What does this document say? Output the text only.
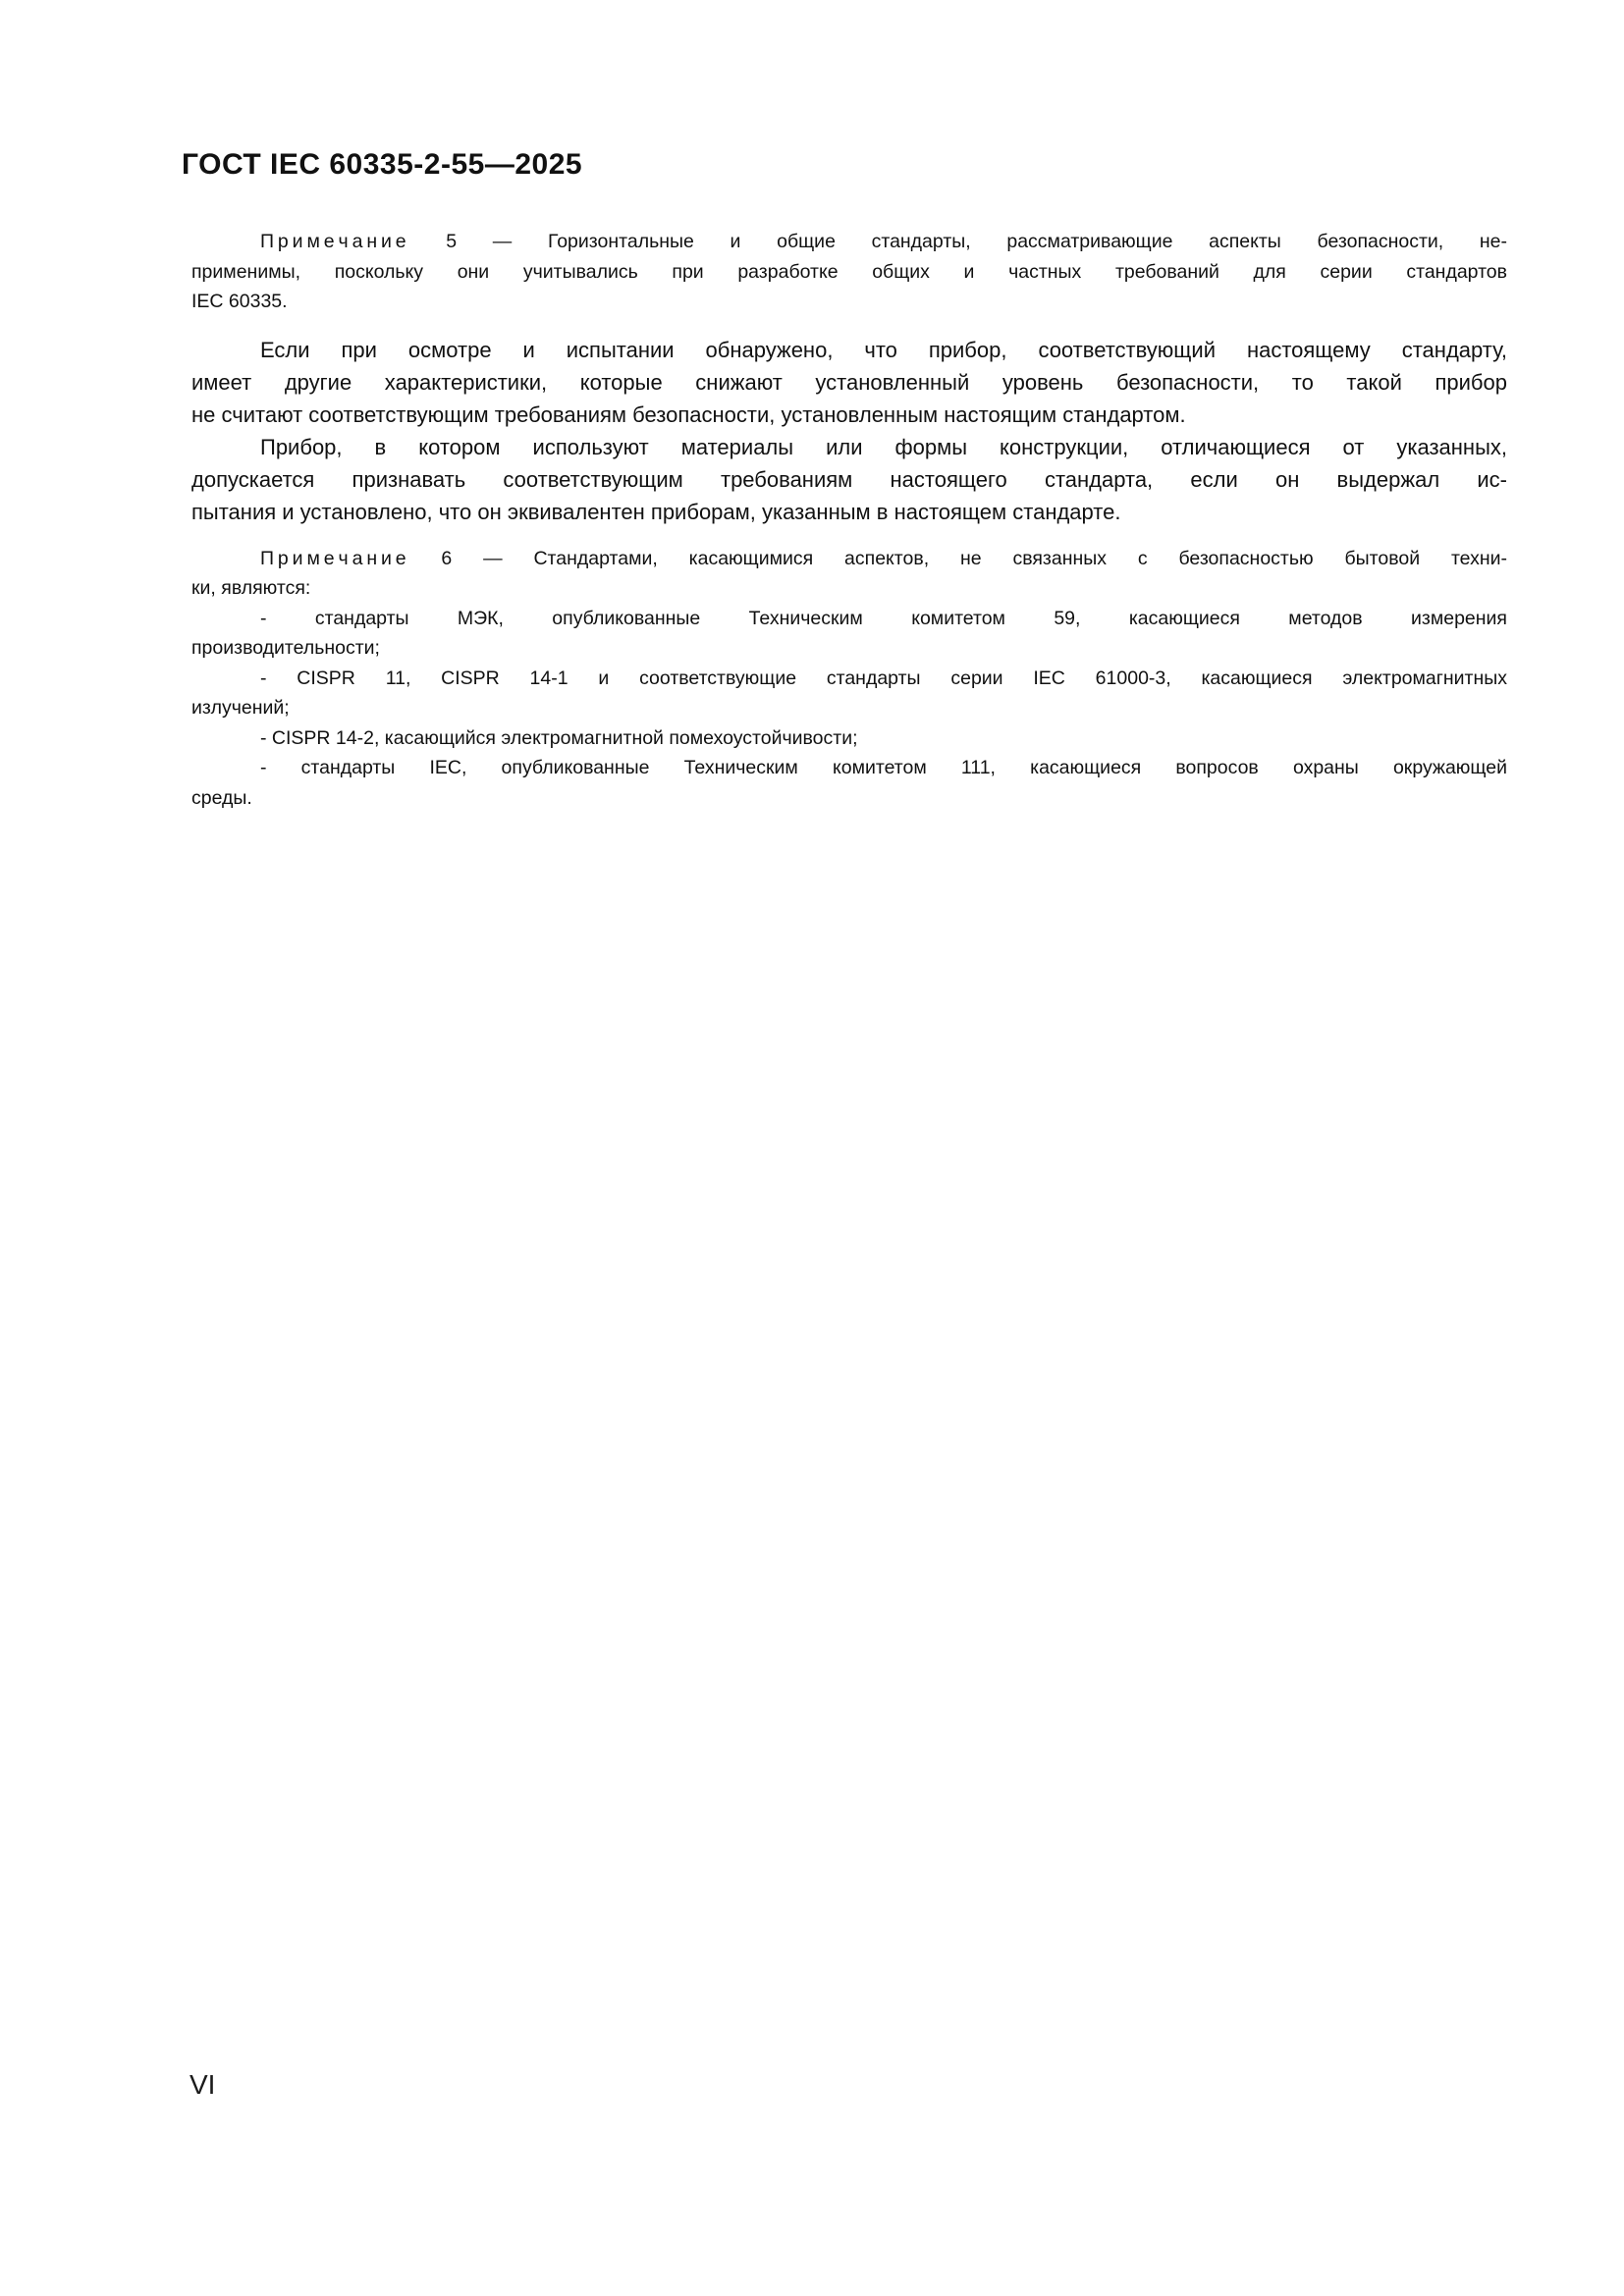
ГОСТ IEC 60335-2-55—2025
П р и м е ч а н и е  5 — Горизонтальные и общие стандарты, рассматривающие аспекты безопасности, не-
применимы, поскольку они учитывались при разработке общих и частных требований для серии стандартов
IEC 60335.
Если при осмотре и испытании обнаружено, что прибор, соответствующий настоящему стандарту,
имеет другие характеристики, которые снижают установленный уровень безопасности, то такой прибор
не считают соответствующим требованиям безопасности, установленным настоящим стандартом.
Прибор, в котором используют материалы или формы конструкции, отличающиеся от указанных,
допускается признавать соответствующим требованиям настоящего стандарта, если он выдержал ис-
пытания и установлено, что он эквивалентен приборам, указанным в настоящем стандарте.
П р и м е ч а н и е  6 — Стандартами, касающимися аспектов, не связанных с безопасностью бытовой техни-
ки, являются:
- стандарты МЭК, опубликованные Техническим комитетом 59, касающиеся методов измерения
производительности;
- CISPR 11, CISPR 14-1 и соответствующие стандарты серии IEC 61000-3, касающиеся электромагнитных
излучений;
- CISPR 14-2, касающийся электромагнитной помехоустойчивости;
- стандарты IEC, опубликованные Техническим комитетом 111, касающиеся вопросов охраны окружающей
среды.
VI
